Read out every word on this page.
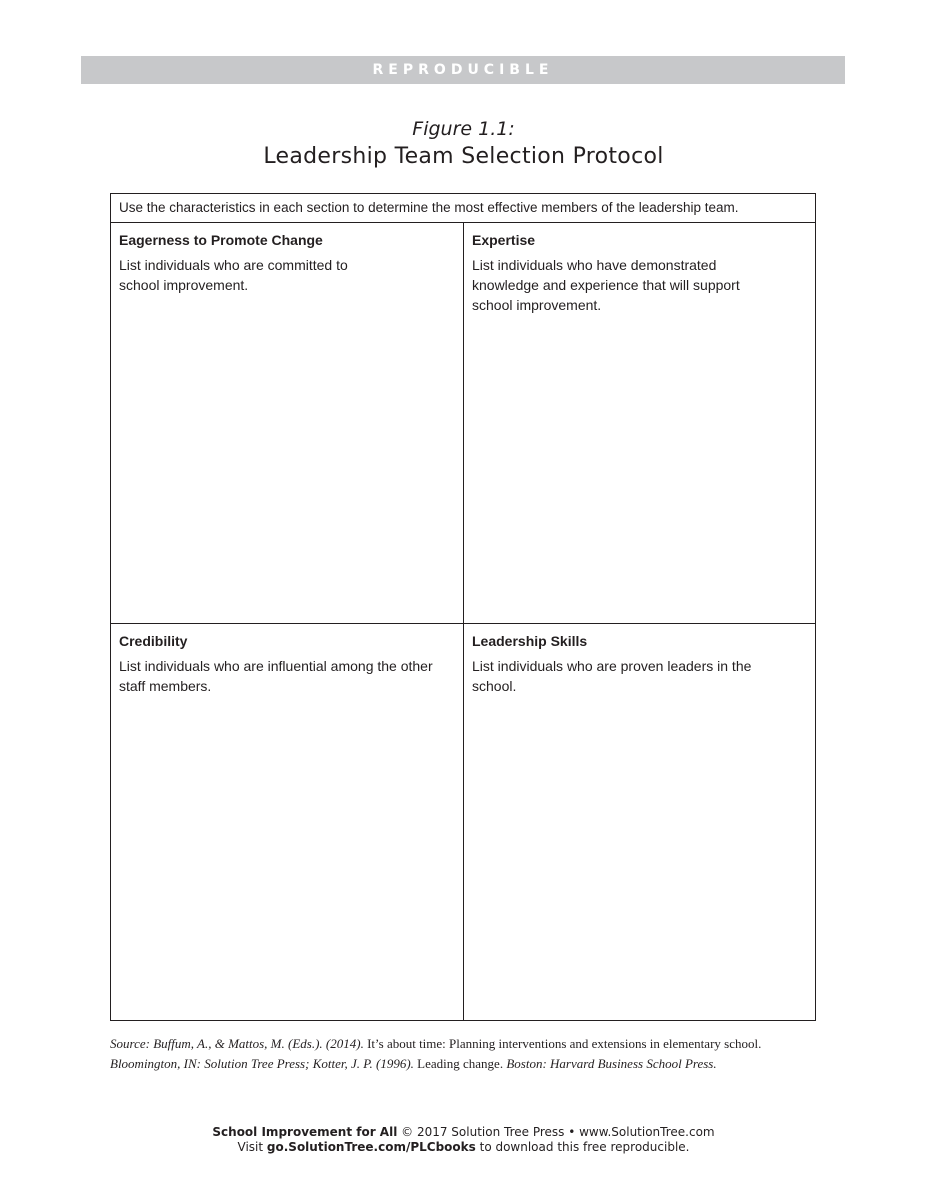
REPRODUCIBLE
Figure 1.1:
Leadership Team Selection Protocol
Use the characteristics in each section to determine the most effective members of the leadership team.
Eagerness to Promote Change
List individuals who are committed to
school improvement.
Expertise
List individuals who have demonstrated
knowledge and experience that will support
school improvement.
Credibility
List individuals who are influential among the other
staff members.
Leadership Skills
List individuals who are proven leaders in the
school.
Source: Buffum, A., & Mattos, M. (Eds.). (2014). It’s about time: Planning interventions and extensions in elementary school. Bloomington, IN: Solution Tree Press; Kotter, J. P. (1996). Leading change. Boston: Harvard Business School Press.
School Improvement for All © 2017 Solution Tree Press • www.SolutionTree.com
Visit go.SolutionTree.com/PLCbooks to download this free reproducible.
